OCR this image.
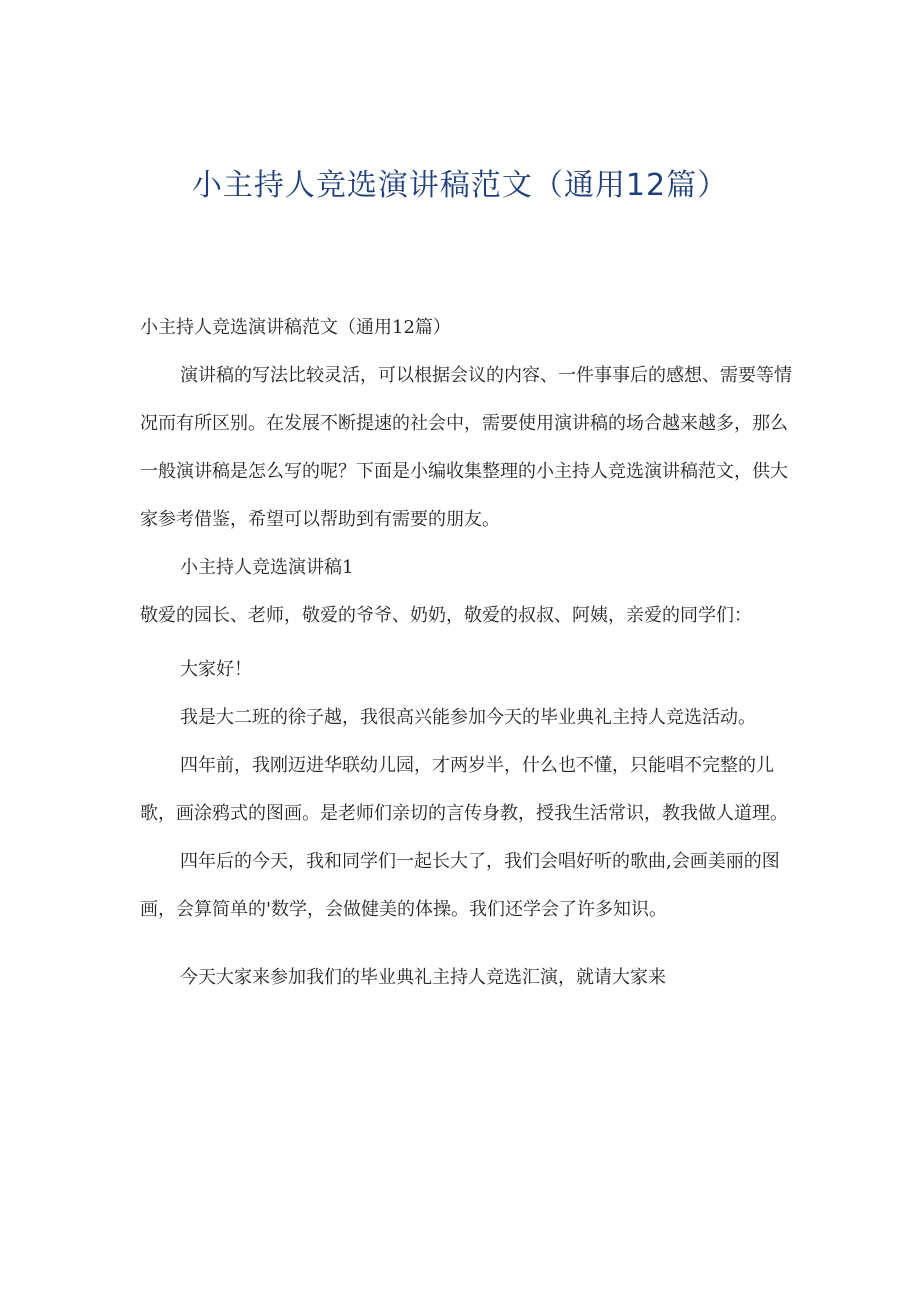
小主持人竞选演讲稿范文（通用12篇）

小主持人竞选演讲稿范文（通用12篇）

演讲稿的写法比较灵活，可以根据会议的内容、一件事事后的感想、需要等情况而有所区别。在发展不断提速的社会中，需要使用演讲稿的场合越来越多，那么一般演讲稿是怎么写的呢？下面是小编收集整理的小主持人竞选演讲稿范文，供大家参考借鉴，希望可以帮助到有需要的朋友。

小主持人竞选演讲稿1

敬爱的园长、老师，敬爱的爷爷、奶奶，敬爱的叔叔、阿姨，亲爱的同学们：

大家好！

我是大二班的徐子越，我很高兴能参加今天的毕业典礼主持人竞选活动。

四年前，我刚迈进华联幼儿园，才两岁半，什么也不懂，只能唱不完整的儿歌，画涂鸦式的图画。是老师们亲切的言传身教，授我生活常识，教我做人道理。

四年后的今天，我和同学们一起长大了，我们会唱好听的歌曲,会画美丽的图画，会算简单的'数学，会做健美的体操。我们还学会了许多知识。

今天大家来参加我们的毕业典礼主持人竞选汇演，就请大家来
